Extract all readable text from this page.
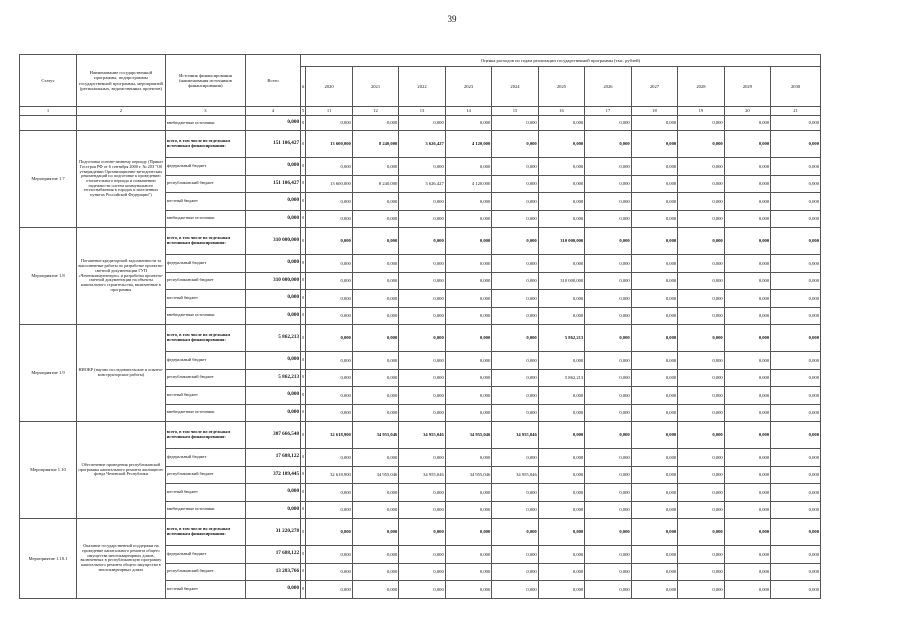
39
Статус	Наименование государственной программы, подпрограммы государственной программы, мероприятий (региональных, ведомственных проектов)	Источник финансирования (наименования источников финансирования)	Всего	Оценка расходов по годам реализации государственной программы (тыс. рублей)											
				#	2020	2021	2022	2023	2024	2025	2026	2027	2028	2029	2030
1	2	3	4	5	11	12	13	14	15	16	17	18	19	20	21
		внебюджетные источники	0,000	0	0,000	0,000	0,000	0,000	0,000	0,000	0,000	0,000	0,000	0,000	0,000
Мероприятие 1.7	Подготовка осенне-зимнему периоду (Приказ Госстроя РФ от 6 сентября 2000 г. № 203 "Об утверждении Организационно-методических рекомендаций по подготовке к проведению отопительного периода и повышению надежности систем коммунального теплоснабжения в городах и населенных пунктах Российской Федерации")	всего, в том числе по отдельным источникам финансирования:	151 106,427	0	13 600,000	8 240,000	3 626,427	4 120,000	0,000	0,000	0,000	0,000	0,000	0,000	0,000
		федеральный бюджет	0,000	0	0,000	0,000	0,000	0,000	0,000	0,000	0,000	0,000	0,000	0,000	0,000
		республиканский бюджет	151 106,427	0	13 600,000	8 240,000	3 626,427	4 120,000	0,000	0,000	0,000	0,000	0,000	0,000	0,000
		местный бюджет	0,000	0	0,000	0,000	0,000	0,000	0,000	0,000	0,000	0,000	0,000	0,000	0,000
		внебюджетные источники	0,000	0	0,000	0,000	0,000	0,000	0,000	0,000	0,000	0,000	0,000	0,000	0,000
Мероприятие 1.8	Погашение кредиторской задолженности за выполненные работы по разработке проектно-сметной документации ГУП «Чеченкоммунэнерго» и разработка проектно- сметной документации на объекты капитального строительства, включенные в программы	всего, в том числе по отдельным источникам финансирования:	310 000,000	0	0,000	0,000	0,000	0,000	0,000	310 000,000	0,000	0,000	0,000	0,000	0,000
		федеральный бюджет	0,000	0	0,000	0,000	0,000	0,000	0,000	0,000	0,000	0,000	0,000	0,000	0,000
		республиканский бюджет	310 000,000	0	0,000	0,000	0,000	0,000	0,000	310 000,000	0,000	0,000	0,000	0,000	0,000
		местный бюджет	0,000	0	0,000	0,000	0,000	0,000	0,000	0,000	0,000	0,000	0,000	0,000	0,000
		внебюджетные источники	0,000	0	0,000	0,000	0,000	0,000	0,000	0,000	0,000	0,000	0,000	0,000	0,000
Мероприятие 1.9	НИОКР (научно исследовательские и опытно-конструкторские работы)	всего, в том числе по отдельным источникам финансирования:	5 862,213	0	0,000	0,000	0,000	0,000	0,000	5 862,213	0,000	0,000	0,000	0,000	0,000
		федеральный бюджет	0,000	0	0,000	0,000	0,000	0,000	0,000	0,000	0,000	0,000	0,000	0,000	0,000
		республиканский бюджет	5 862,213	0	0,000	0,000	0,000	0,000	0,000	5 862,213	0,000	0,000	0,000	0,000	0,000
		местный бюджет	0,000	0	0,000	0,000	0,000	0,000	0,000	0,000	0,000	0,000	0,000	0,000	0,000
		внебюджетные источники	0,000	0	0,000	0,000	0,000	0,000	0,000	0,000	0,000	0,000	0,000	0,000	0,000
Мероприятие 1.10	Обеспечение проведения республиканской программы капитального ремонта жилищного фонда Чеченской Республики	всего, в том числе по отдельным источникам финансирования:	387 666,548	0	32 618,900	34 955,046	34 955,046	34 955,046	34 955,046	0,000	0,000	0,000	0,000	0,000	0,000
		федеральный бюджет	17 688,122	0	0,000	0,000	0,000	0,000	0,000	0,000	0,000	0,000	0,000	0,000	0,000
		республиканский бюджет	372 189,445	0	32 618,900	34 955,046	34 955,046	34 955,046	34 955,046	0,000	0,000	0,000	0,000	0,000	0,000
		местный бюджет	0,000	0	0,000	0,000	0,000	0,000	0,000	0,000	0,000	0,000	0,000	0,000	0,000
		внебюджетные источники	0,000	0	0,000	0,000	0,000	0,000	0,000	0,000	0,000	0,000	0,000	0,000	0,000
Мероприятие 1.10.1	Оказание государственной поддержки на проведение капитального ремонта общего имущества многоквартирных домов, включенных в республиканскую программу капитального ремонта общего имущества в многоквартирных домах	всего, в том числе по отдельным источникам финансирования:	31 220,278	0	0,000	0,000	0,000	0,000	0,000	0,000	0,000	0,000	0,000	0,000	0,000
		федеральный бюджет	17 688,122	0	0,000	0,000	0,000	0,000	0,000	0,000	0,000	0,000	0,000	0,000	0,000
		республиканский бюджет	13 283,766	0	0,000	0,000	0,000	0,000	0,000	0,000	0,000	0,000	0,000	0,000	0,000
		местный бюджет	0,000	0	0,000	0,000	0,000	0,000	0,000	0,000	0,000	0,000	0,000	0,000	0,000
